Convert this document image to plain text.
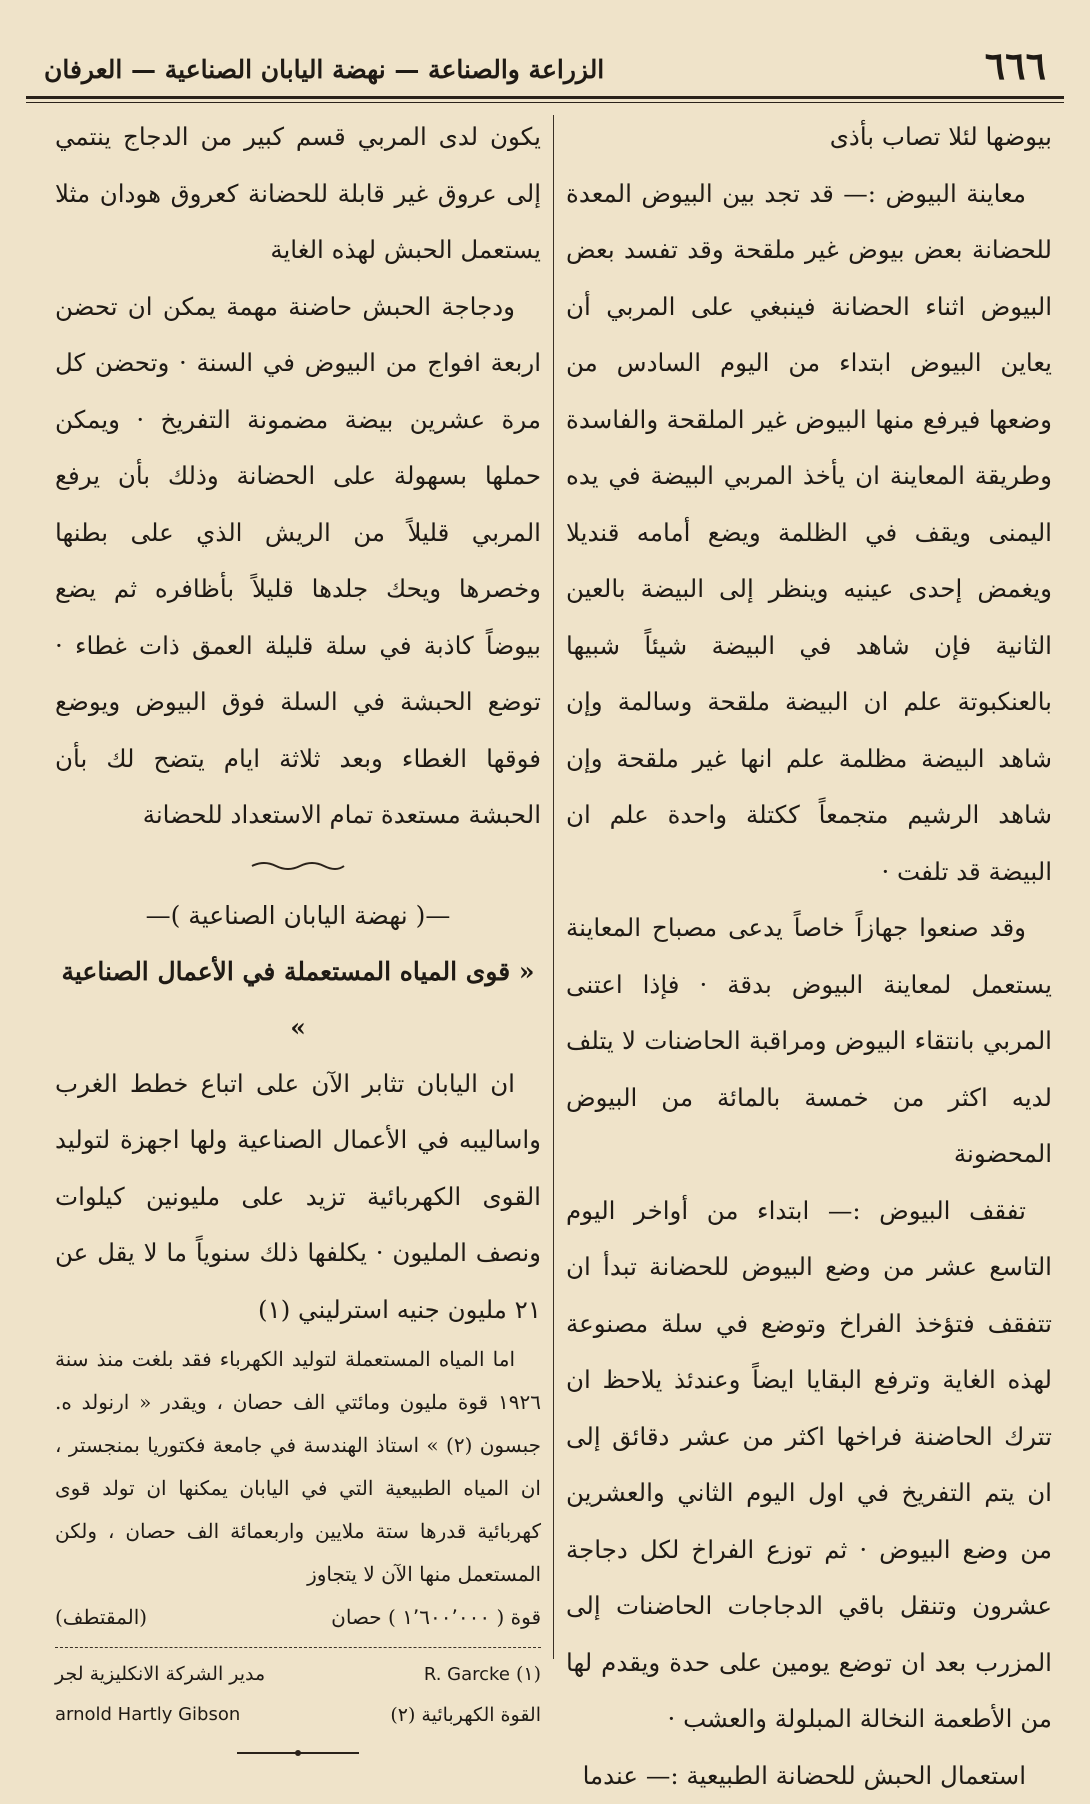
٦٦٦
الزراعة والصناعة — نهضة اليابان الصناعية — العرفان

بيوضها لئلا تصاب بأذى

معاينة البيوض :— قد تجد بين البيوض المعدة للحضانة بعض بيوض غير ملقحة وقد تفسد بعض البيوض اثناء الحضانة فينبغي على المربي أن يعاين البيوض ابتداء من اليوم السادس من وضعها فيرفع منها البيوض غير الملقحة والفاسدة وطريقة المعاينة ان يأخذ المربي البيضة في يده اليمنى ويقف في الظلمة ويضع أمامه قنديلا ويغمض إحدى عينيه وينظر إلى البيضة بالعين الثانية فإن شاهد في البيضة شيئاً شبيها بالعنكبوتة علم ان البيضة ملقحة وسالمة وإن شاهد البيضة مظلمة علم انها غير ملقحة وإن شاهد الرشيم متجمعاً ككتلة واحدة علم ان البيضة قد تلفت ·

وقد صنعوا جهازاً خاصاً يدعى مصباح المعاينة يستعمل لمعاينة البيوض بدقة · فإذا اعتنى المربي بانتقاء البيوض ومراقبة الحاضنات لا يتلف لديه اكثر من خمسة بالمائة من البيوض المحضونة

تفقف البيوض :— ابتداء من أواخر اليوم التاسع عشر من وضع البيوض للحضانة تبدأ ان تتفقف فتؤخذ الفراخ وتوضع في سلة مصنوعة لهذه الغاية وترفع البقايا ايضاً وعندئذ يلاحظ ان تترك الحاضنة فراخها اكثر من عشر دقائق إلى ان يتم التفريخ في اول اليوم الثاني والعشرين من وضع البيوض · ثم توزع الفراخ لكل دجاجة عشرون وتنقل باقي الدجاجات الحاضنات إلى المزرب بعد ان توضع يومين على حدة ويقدم لها من الأطعمة النخالة المبلولة والعشب ·

استعمال الحبش للحضانة الطبيعية :— عندما

يكون لدى المربي قسم كبير من الدجاج ينتمي إلى عروق غير قابلة للحضانة كعروق هودان مثلا يستعمل الحبش لهذه الغاية

ودجاجة الحبش حاضنة مهمة يمكن ان تحضن اربعة افواج من البيوض في السنة · وتحضن كل مرة عشرين بيضة مضمونة التفريخ · ويمكن حملها بسهولة على الحضانة وذلك بأن يرفع المربي قليلاً من الريش الذي على بطنها وخصرها ويحك جلدها قليلاً بأظافره ثم يضع بيوضاً كاذبة في سلة قليلة العمق ذات غطاء · توضع الحبشة في السلة فوق البيوض ويوضع فوقها الغطاء وبعد ثلاثة ايام يتضح لك بأن الحبشة مستعدة تمام الاستعداد للحضانة

—( نهضة اليابان الصناعية )—
« قوى المياه المستعملة في الأعمال الصناعية »

ان اليابان تثابر الآن على اتباع خطط الغرب واساليبه في الأعمال الصناعية ولها اجهزة لتوليد القوى الكهربائية تزيد على مليونين كيلوات ونصف المليون · يكلفها ذلك سنوياً ما لا يقل عن ٢١ مليون جنيه استرليني (١)

اما المياه المستعملة لتوليد الكهرباء فقد بلغت منذ سنة ١٩٢٦ قوة مليون ومائتي الف حصان ، ويقدر « ارنولد ه. جبسون (٢) » استاذ الهندسة في جامعة فكتوريا بمنجستر ، ان المياه الطبيعية التي في اليابان يمكنها ان تولد قوى كهربائية قدرها ستة ملايين واربعمائة الف حصان ، ولكن المستعمل منها الآن لا يتجاوز

قوة ( ١٬٦٠٠٬٠٠٠ ) حصان
(المقتطف)
(١) R. Garcke
مدير الشركة الانكليزية لجر
القوة الكهربائية (٢)
arnold Hartly Gibson
